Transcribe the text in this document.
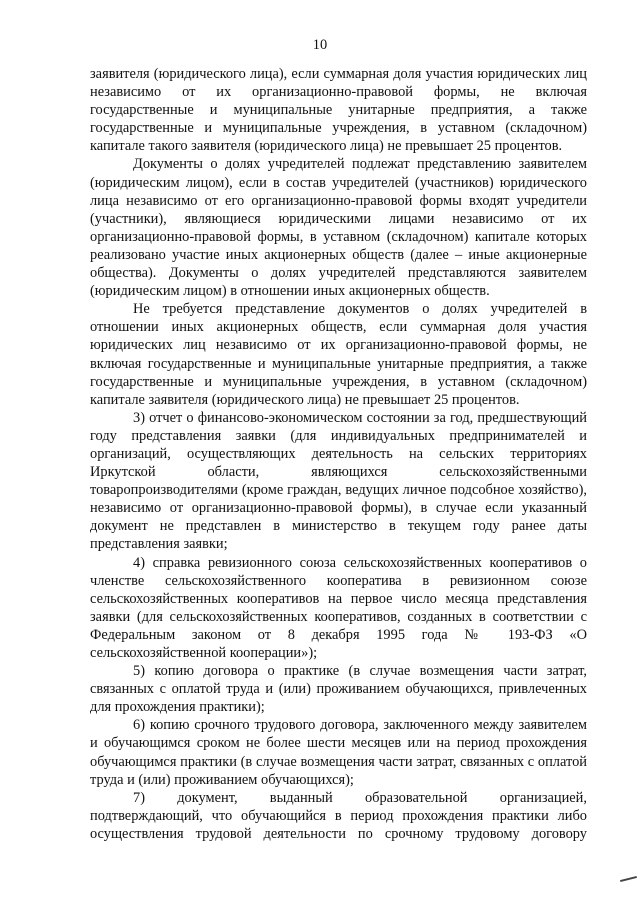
10

заявителя (юридического лица), если суммарная доля участия юридических лиц независимо от их организационно-правовой формы, не включая государственные и муниципальные унитарные предприятия, а также государственные и муниципальные учреждения, в уставном (складочном) капитале такого заявителя (юридического лица) не превышает 25 процентов.

Документы о долях учредителей подлежат представлению заявителем (юридическим лицом), если в состав учредителей (участников) юридического лица независимо от его организационно-правовой формы входят учредители (участники), являющиеся юридическими лицами независимо от их организационно-правовой формы, в уставном (складочном) капитале которых реализовано участие иных акционерных обществ (далее – иные акционерные общества). Документы о долях учредителей представляются заявителем (юридическим лицом) в отношении иных акционерных обществ.

Не требуется представление документов о долях учредителей в отношении иных акционерных обществ, если суммарная доля участия юридических лиц независимо от их организационно-правовой формы, не включая государственные и муниципальные унитарные предприятия, а также государственные и муниципальные учреждения, в уставном (складочном) капитале заявителя (юридического лица) не превышает 25 процентов.

3) отчет о финансово-экономическом состоянии за год, предшествующий году представления заявки (для индивидуальных предпринимателей и организаций, осуществляющих деятельность на сельских территориях Иркутской области, являющихся сельскохозяйственными товаропроизводителями (кроме граждан, ведущих личное подсобное хозяйство), независимо от организационно-правовой формы), в случае если указанный документ не представлен в министерство в текущем году ранее даты представления заявки;

4) справка ревизионного союза сельскохозяйственных кооперативов о членстве сельскохозяйственного кооператива в ревизионном союзе сельскохозяйственных кооперативов на первое число месяца представления заявки (для сельскохозяйственных кооперативов, созданных в соответствии с Федеральным законом от 8 декабря 1995 года № 193-ФЗ «О сельскохозяйственной кооперации»);

5) копию договора о практике (в случае возмещения части затрат, связанных с оплатой труда и (или) проживанием обучающихся, привлеченных для прохождения практики);

6) копию срочного трудового договора, заключенного между заявителем и обучающимся сроком не более шести месяцев или на период прохождения обучающимся практики (в случае возмещения части затрат, связанных с оплатой труда и (или) проживанием обучающихся);

7) документ, выданный образовательной организацией, подтверждающий, что обучающийся в период прохождения практики либо осуществления трудовой деятельности по срочному трудовому договору
